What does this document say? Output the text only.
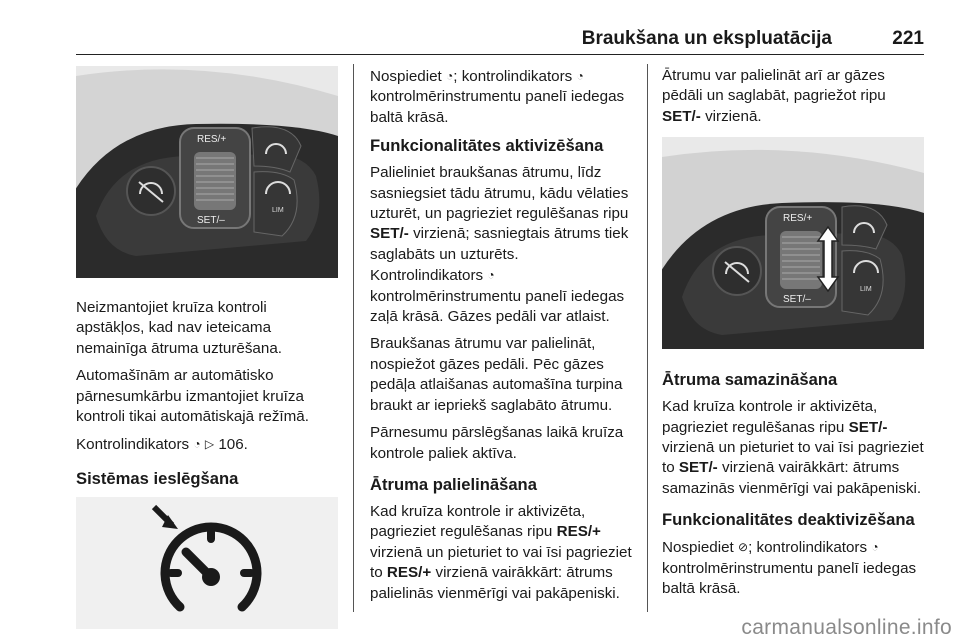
Braukšana un ekspluatācija	221
RES/+
SET/–
LIM

Neizmantojiet kruīza kontroli apstākļos, kad nav ieteicama nemainīga ātruma uzturēšana.

Automašīnām ar automātisko pārnesumkārbu izmantojiet kruīza kontroli tikai automātiskajā režīmā.

Kontrolindikators ◔ ▷ 106.

Sistēmas ieslēgšana

Nospiediet ◔; kontrolindikators ◔ kontrolmērinstrumentu panelī iedegas baltā krāsā.

Funkcionalitātes aktivizēšana

Palieliniet braukšanas ātrumu, līdz sasniegsiet tādu ātrumu, kādu vēlaties uzturēt, un pagrieziet regulēšanas ripu SET/- virzienā; sasniegtais ātrums tiek saglabāts un uzturēts. Kontrolindikators ◔ kontrolmērinstrumentu panelī iedegas zaļā krāsā. Gāzes pedāli var atlaist.

Braukšanas ātrumu var palielināt, nospiežot gāzes pedāli. Pēc gāzes pedāļa atlaišanas automašīna turpina braukt ar iepriekš saglabāto ātrumu.

Pārnesumu pārslēgšanas laikā kruīza kontrole paliek aktīva.

Ātruma palielināšana

Kad kruīza kontrole ir aktivizēta, pagrieziet regulēšanas ripu RES/+ virzienā un pieturiet to vai īsi pagrieziet to RES/+ virzienā vairākkārt: ātrums palielinās vienmērīgi vai pakāpeniski.

Ātrumu var palielināt arī ar gāzes pēdāli un saglabāt, pagriežot ripu SET/- virzienā.

RES/+
SET/–
LIM
Ātruma samazināšana

Kad kruīza kontrole ir aktivizēta, pagrieziet regulēšanas ripu SET/- virzienā un pieturiet to vai īsi pagrieziet to SET/- virzienā vairākkārt: ātrums samazinās vienmērīgi vai pakāpeniski.

Funkcionalitātes deaktivizēšana

Nospiediet ⊘; kontrolindikators ◔ kontrolmērinstrumentu panelī iedegas baltā krāsā.

carmanualsonline.info
